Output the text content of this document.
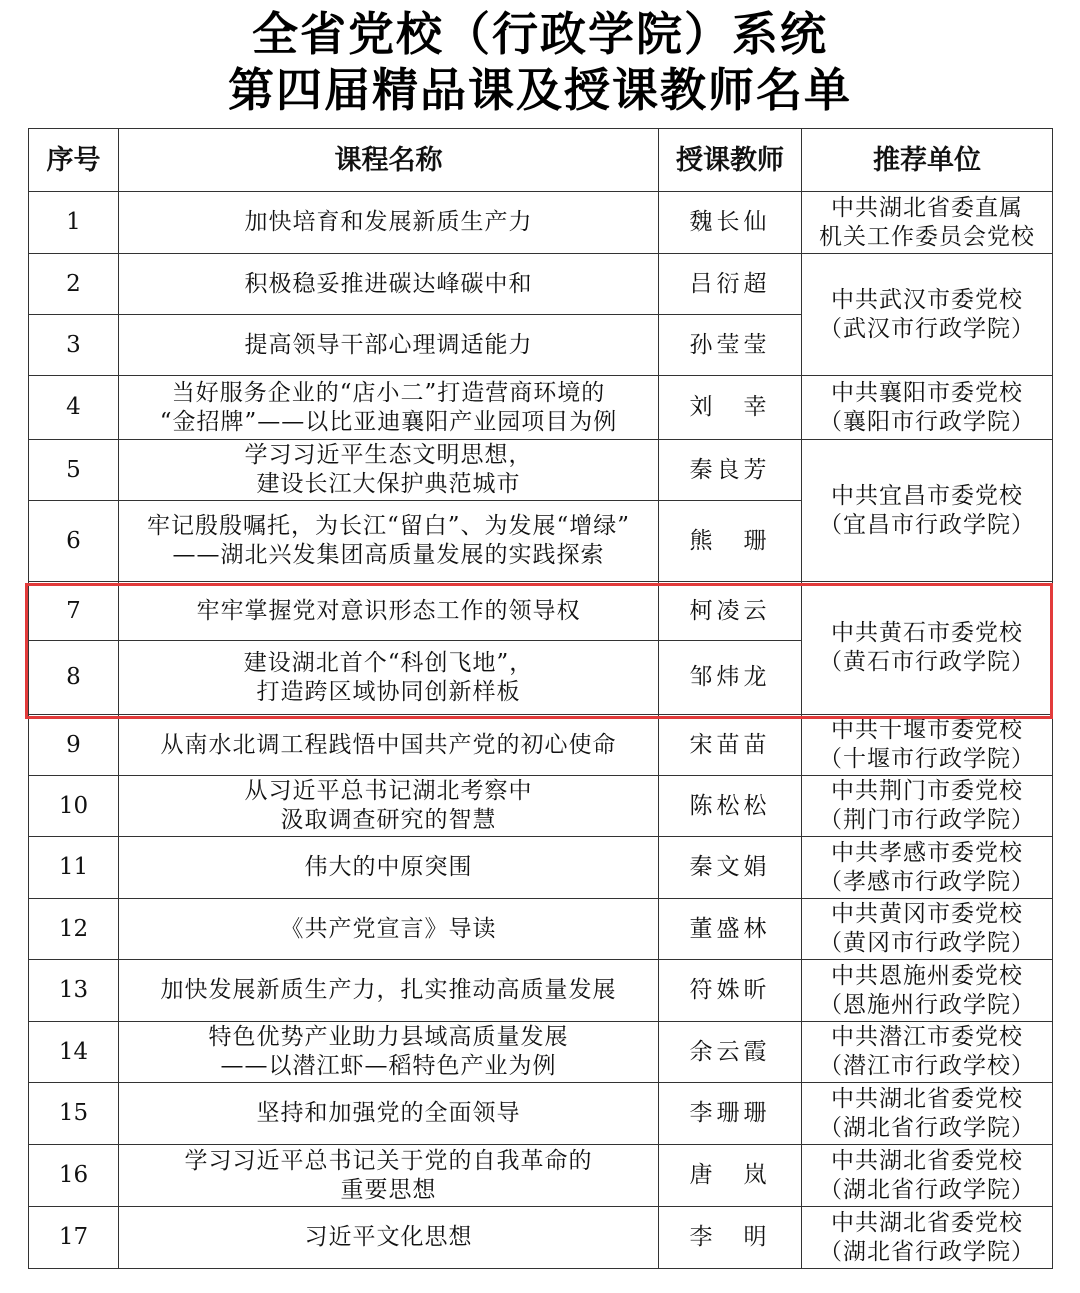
全省党校（行政学院）系统
第四届精品课及授课教师名单
序号	课程名称	授课教师	推荐单位
1	加快培育和发展新质生产力	魏长仙	中共湖北省委直属
机关工作委员会党校

2	积极稳妥推进碳达峰碳中和	吕衍超	中共武汉市委党校
（武汉市行政学院）

3	提高领导干部心理调适能力	孙莹莹	
4	当好服务企业的“店小二”打造营商环境的
“金招牌”——以比亚迪襄阳产业园项目为例	刘　幸	中共襄阳市委党校
（襄阳市行政学院）

5	学习习近平生态文明思想，
建设长江大保护典范城市	秦良芳	中共宜昌市委党校
（宜昌市行政学院）

6	牢记殷殷嘱托，为长江“留白”、为发展“增绿”
——湖北兴发集团高质量发展的实践探索	熊　珊	
7	牢牢掌握党对意识形态工作的领导权	柯凌云	中共黄石市委党校
（黄石市行政学院）

8	建设湖北首个“科创飞地”，
打造跨区域协同创新样板	邹炜龙	
9	从南水北调工程践悟中国共产党的初心使命	宋苗苗	中共十堰市委党校
（十堰市行政学院）

10	从习近平总书记湖北考察中
汲取调查研究的智慧	陈松松	中共荆门市委党校
（荆门市行政学院）

11	伟大的中原突围	秦文娟	中共孝感市委党校
（孝感市行政学院）

12	《共产党宣言》导读	董盛林	中共黄冈市委党校
（黄冈市行政学院）

13	加快发展新质生产力，扎实推动高质量发展	符姝昕	中共恩施州委党校
（恩施州行政学院）

14	特色优势产业助力县域高质量发展
——以潜江虾—稻特色产业为例	余云霞	中共潜江市委党校
（潜江市行政学校）

15	坚持和加强党的全面领导	李珊珊	中共湖北省委党校
（湖北省行政学院）

16	学习习近平总书记关于党的自我革命的
重要思想	唐　岚	中共湖北省委党校
（湖北省行政学院）

17	习近平文化思想	李　明	中共湖北省委党校
（湖北省行政学院）
